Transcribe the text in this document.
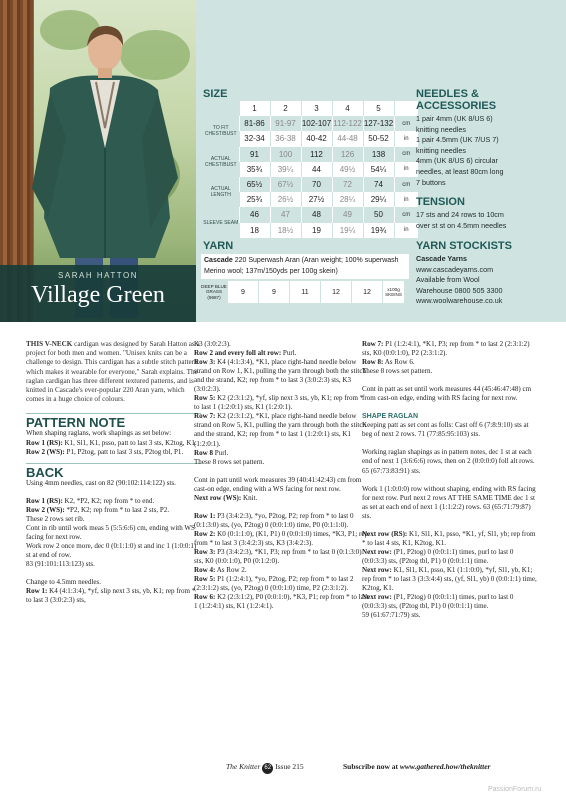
SARAH HATTON
Village Green
SIZE
	1	2	3	4	5	
TO FIT CHEST/BUST	81-86	91-97	102-107	112-122	127-132	cm
	32-34	36-38	40-42	44-48	50-52	in
ACTUAL CHEST/BUST	91	100	112	126	138	cm
	35¾	39¼	44	49½	54¼	in
ACTUAL LENGTH	65½	67½	70	72	74	cm
	25¾	26½	27½	28¼	29¼	in
SLEEVE SEAM	46	47	48	49	50	cm
	18	18½	19	19¼	19¾	in
YARN
Cascade 220 Superwash Aran (Aran weight; 100% superwash Merino wool; 137m/150yds per 100g skein)
DEEP BLUE GRASS (9687)
9	9	11	12	12	x100g SKEINS
NEEDLES & ACCESSORIES
1 pair 4mm (UK 8/US 6)
knitting needles
1 pair 4.5mm (UK 7/US 7)
knitting needles
4mm (UK 8/US 6) circular
needles, at least 80cm long
7 buttons
TENSION
17 sts and 24 rows to 10cm
over st st on 4.5mm needles
YARN STOCKISTS
Cascade Yarns
www.cascadeyarns.com
Available from Wool
Warehouse 0800 505 3300
www.woolwarehouse.co.uk

THIS V-NECK cardigan was designed by Sarah Hatton as a project for both men and women. "Unisex knits can be a challenge to design. This cardigan has a subtle stitch pattern which makes it wearable for everyone," Sarah explains. The raglan cardigan has three different textured patterns, and is knitted in Cascade's ever-popular 220 Aran yarn, which comes in a huge choice of colours.

PATTERN NOTE
When shaping raglans, work shapings as set below:
Row 1 (RS): K1, Sl1, K1, psso, patt to last 3 sts, K2tog, K1.
Row 2 (WS): P1, P2tog, patt to last 3 sts, P2tog tbl, P1.
BACK

Using 4mm needles, cast on 82 (90:102:114:122) sts.

Row 1 (RS): K2, *P2, K2; rep from * to end.
Row 2 (WS): *P2, K2; rep from * to last 2 sts, P2.
These 2 rows set rib.
Cont in rib until work meas 5 (5:5:6:6) cm, ending with WS facing for next row.
Work row 2 once more, dec 0 (0:1:1:0) st and inc 1 (1:0:0:1) st at end of row.

83 (91:101:113:123) sts.

Change to 4.5mm needles.
Row 1: K4 (4:1:3:4), *yf, slip next 3 sts, yb, K1; rep from * to last 3 (3:0:2:3) sts,
K3 (3:0:2:3).
Row 2 and every foll alt row: Purl.
Row 3: K4 (4:1:3:4), *K1, place right-hand needle below strand on Row 1, K1, pulling the yarn through both the stitch and the strand, K2; rep from * to last 3 (3:0:2:3) sts, K3 (3:0:2:3).
Row 5: K2 (2:3:1:2), *yf, slip next 3 sts, yb, K1; rep from * to last 1 (1:2:0:1) sts, K1 (1:2:0:1).
Row 7: K2 (2:3:1:2), *K1, place right-hand needle below strand on Row 5, K1, pulling the yarn through both the stitch and the strand, K2; rep from * to last 1 (1:2:0:1) sts, K1 (1:2:0:1).
Row 8 Purl.

These 8 rows set pattern.

Cont in patt until work measures 39 (40:41:42:43) cm from cast-on edge, ending with a WS facing for next row.

Next row (WS): Knit.

Row 1: P3 (3:4:2:3), *yo, P2tog, P2; rep from * to last 0 (0:1:3:0) sts, (yo, P2tog) 0 (0:0:1:0) time, P0 (0:1:1:0).
Row 2: K0 (0:1:1:0), (K1, P1) 0 (0:0:1:0) times, *K3, P1; rep from * to last 3 (3:4:2:3) sts, K3 (3:4:2:3).
Row 3: P3 (3:4:2:3), *K1, P3; rep from * to last 0 (0:1:3:0) sts, K0 (0:0:1:0), P0 (0:1:2:0).
Row 4: As Row 2.
Row 5: P1 (1:2:4:1), *yo, P2tog, P2; rep from * to last 2 (2:3:1:2) sts, (yo, P2tog) 0 (0:0:1:0) time, P2 (2:3:1:2).
Row 6: K2 (2:3:1:2), P0 (0:0:1:0), *K3, P1; rep from * to last 1 (1:2:4:1) sts, K1 (1:2:4:1).
Row 7: P1 (1:2:4:1), *K1, P3; rep from * to last 2 (2:3:1:2) sts, K0 (0:0:1:0), P2 (2:3:1:2).
Row 8: As Row 6.

These 8 rows set pattern.

Cont in patt as set until work measures 44 (45:46:47:48) cm from cast-on edge, ending with RS facing for next row.

SHAPE RAGLAN

Keeping patt as set cont as folls: Cast off 6 (7:8:9:10) sts at beg of next 2 rows. 71 (77:85:95:103) sts.

Working raglan shapings as in pattern notes, dec 1 st at each end of next 1 (3:6:6:6) rows, then on 2 (0:0:0:0) foll alt rows. 65 (67:73:83:91) sts.

Work 1 (1:0:0:0) row without shaping, ending with RS facing for next row. Purl next 2 rows AT THE SAME TIME dec 1 st as set at each end of next 1 (1:1:2:2) rows. 63 (65:71:79:87) sts.

Next row (RS): K1, Sl1, K1, psso, *K1, yf, Sl1, yb; rep from * to last 4 sts, K1, K2tog, K1.
Next row: (P1, P2tog) 0 (0:0:1:1) times, purl to last 0 (0:0:3:3) sts, (P2tog tbl, P1) 0 (0:0:1:1) time.
Next row: K1, Sl1, K1, psso, K1 (1:1:0:0), *yf, Sl1, yb, K1; rep from * to last 3 (3:3:4:4) sts, (yf, Sl1, yb) 0 (0:0:1:1) time, K2tog, K1.
Next row: (P1, P2tog) 0 (0:0:1:1) times, purl to last 0 (0:0:3:3) sts, (P2tog tbl, P1) 0 (0:0:1:1) time.
59 (61:67:71:79) sts.
The Knitter 62 Issue 215	Subscribe now at www.gathered.how/theknitter
PassionForum.ru
